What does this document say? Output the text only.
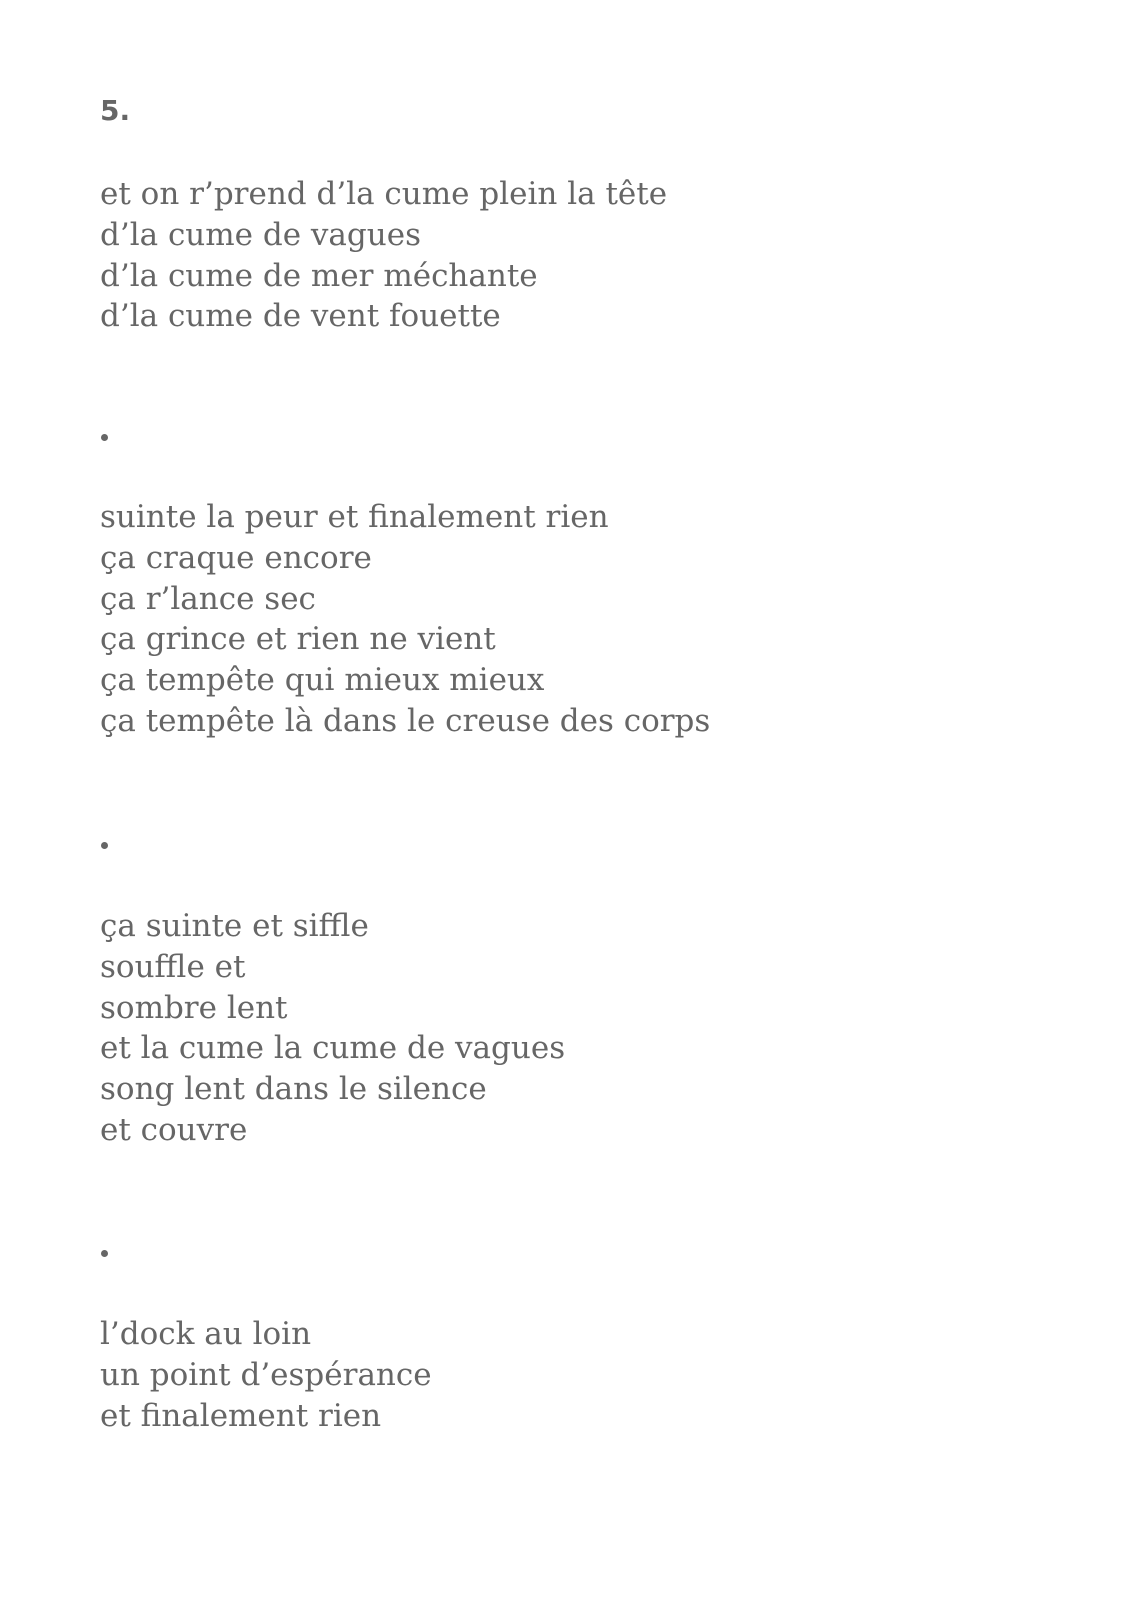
5.
et on r’prend d’la cume plein la tête
d’la cume de vagues
d’la cume de mer méchante
d’la cume de vent fouette
suinte la peur et finalement rien
ça craque encore
ça r’lance sec
ça grince et rien ne vient
ça tempête qui mieux mieux
ça tempête là dans le creuse des corps
ça suinte et siffle
souffle et
sombre lent
et la cume la cume de vagues
song lent dans le silence
et couvre
l’dock au loin
un point d’espérance
et finalement rien
